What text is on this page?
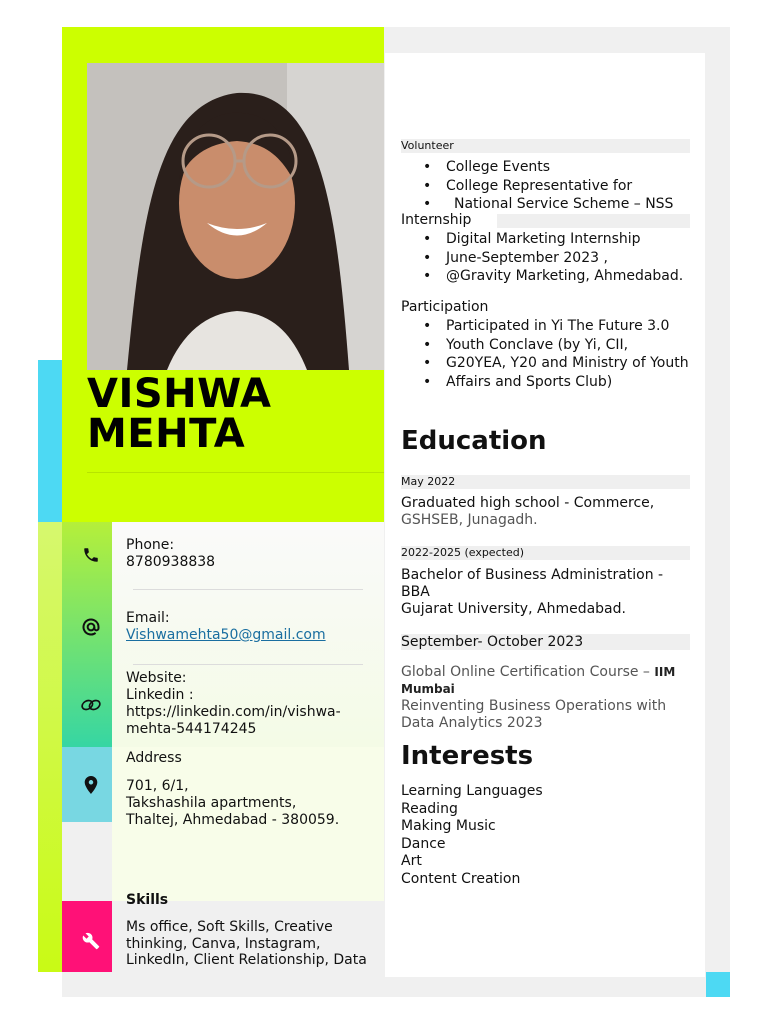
VISHWA
MEHTA
Phone:
8780938838
Email:
Vishwamehta50@gmail.com
Website:
Linkedin :
https://linkedin.com/in/vishwa-
mehta-544174245
Address
701, 6/1,
Takshashila apartments,
Thaltej, Ahmedabad - 380059.
Skills
Ms office, Soft Skills, Creative thinking, Canva, Instagram, LinkedIn, Client Relationship, Data
Volunteer
• College Events
• College Representative for
• National Service Scheme – NSS
Internship
• Digital Marketing Internship
• June-September 2023 ,
• @Gravity Marketing, Ahmedabad.
Participation
• Participated in Yi The Future 3.0
• Youth Conclave (by Yi, CII,
• G20YEA, Y20 and Ministry of Youth
• Affairs and Sports Club)
Education
May 2022
Graduated high school - Commerce,
GSHSEB, Junagadh.
2022-2025 (expected)
Bachelor of Business Administration -
BBA
Gujarat University, Ahmedabad.
September- October 2023
Global Online Certification Course – IIM
Mumbai
Reinventing Business Operations with
Data Analytics 2023
Interests
Learning Languages
Reading
Making Music
Dance
Art
Content Creation
